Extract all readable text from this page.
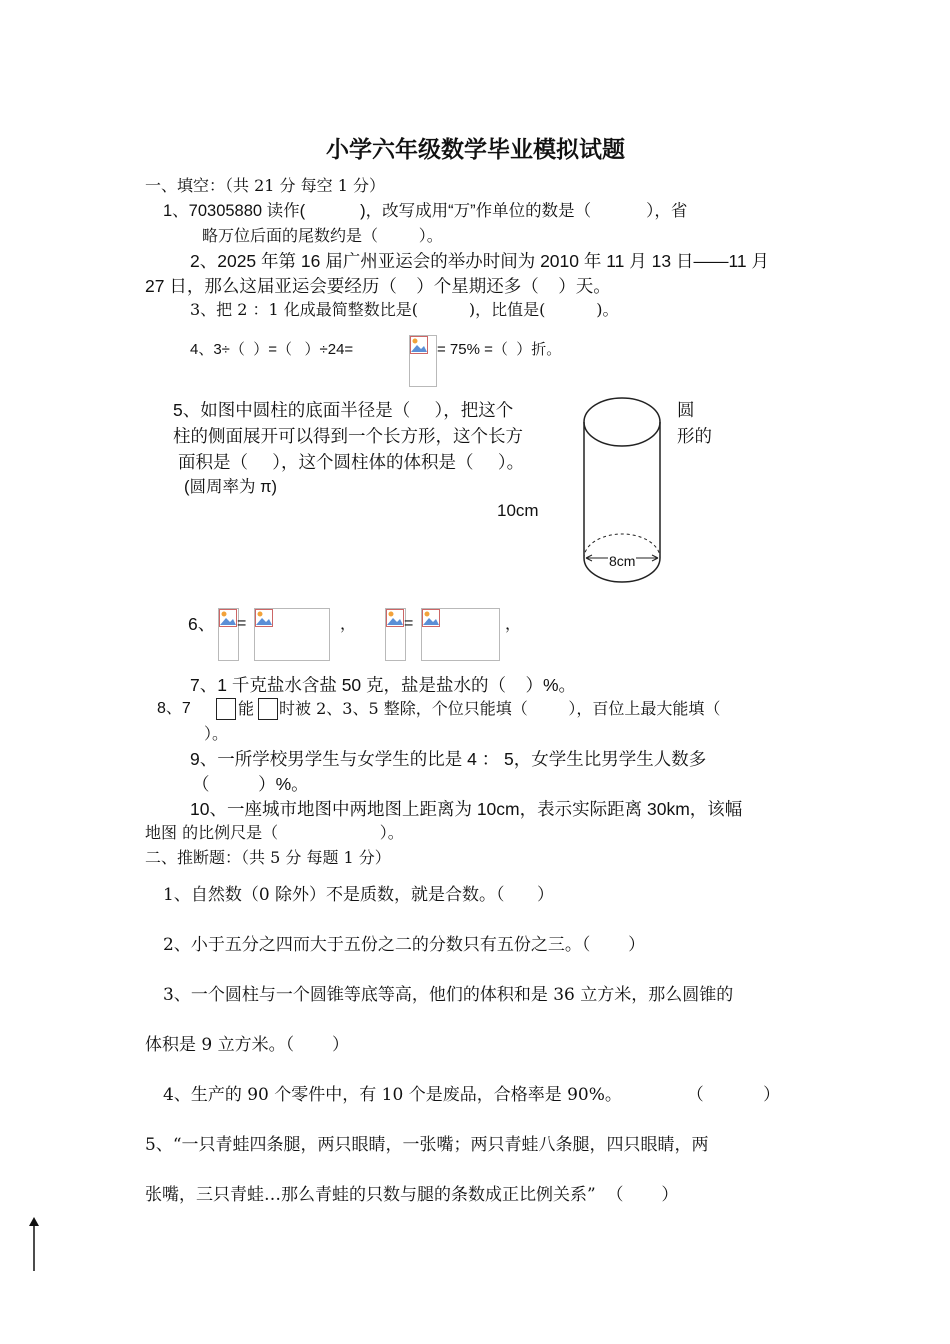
小学六年级数学毕业模拟试题
一、填空：（共 21 分 每空 1 分）
1、70305880 读作(            )，改写成用“万”作单位的数是（            ），省
略万位后面的尾数约是（        ）。
2、2025 年第 16 届广州亚运会的举办时间为 2010 年 11 月 13 日——11 月
27 日，那么这届亚运会要经历（    ）个星期还多（    ）天。
3、把 2 ：1 化成最简整数比是(          )，比值是(          )。
4、3÷（  ）=（   ）÷24=	= 75% =（  ）折。
5、如图中圆柱的底面半径是（     ），把这个
柱的侧面展开可以得到一个长方形，这个长方
面积是（     ），这个圆柱体的体积是（     ）。
(圆周率为 π)
圆
形的
10cm
8cm
6、 =	，	=	，
7、1 千克盐水含盐 50 克，盐是盐水的（    ）%。
8、7	能 时被 2、3、5 整除，个位只能填（        ），百位上最大能填（
）。
9、一所学校男学生与女学生的比是 4 ： 5，女学生比男学生人数多
（          ）%。
10、一座城市地图中两地图上距离为 10cm，表示实际距离 30km，该幅
地图 的比例尺是（                    ）。
二、推断题：（共 5 分 每题 1 分）
1、自然数（0 除外）不是质数，就是合数。（      ）
2、小于五分之四而大于五份之二的分数只有五份之三。（       ）
3、一个圆柱与一个圆锥等底等高，他们的体积和是 36 立方米，那么圆锥的
体积是 9 立方米。（       ）
4、生产的 90 个零件中，有 10 个是废品，合格率是 90%。            （           ）
5、“一只青蛙四条腿，两只眼睛，一张嘴；两只青蛙八条腿，四只眼睛，两
张嘴，三只青蛙…那么青蛙的只数与腿的条数成正比例关系”  （       ）
